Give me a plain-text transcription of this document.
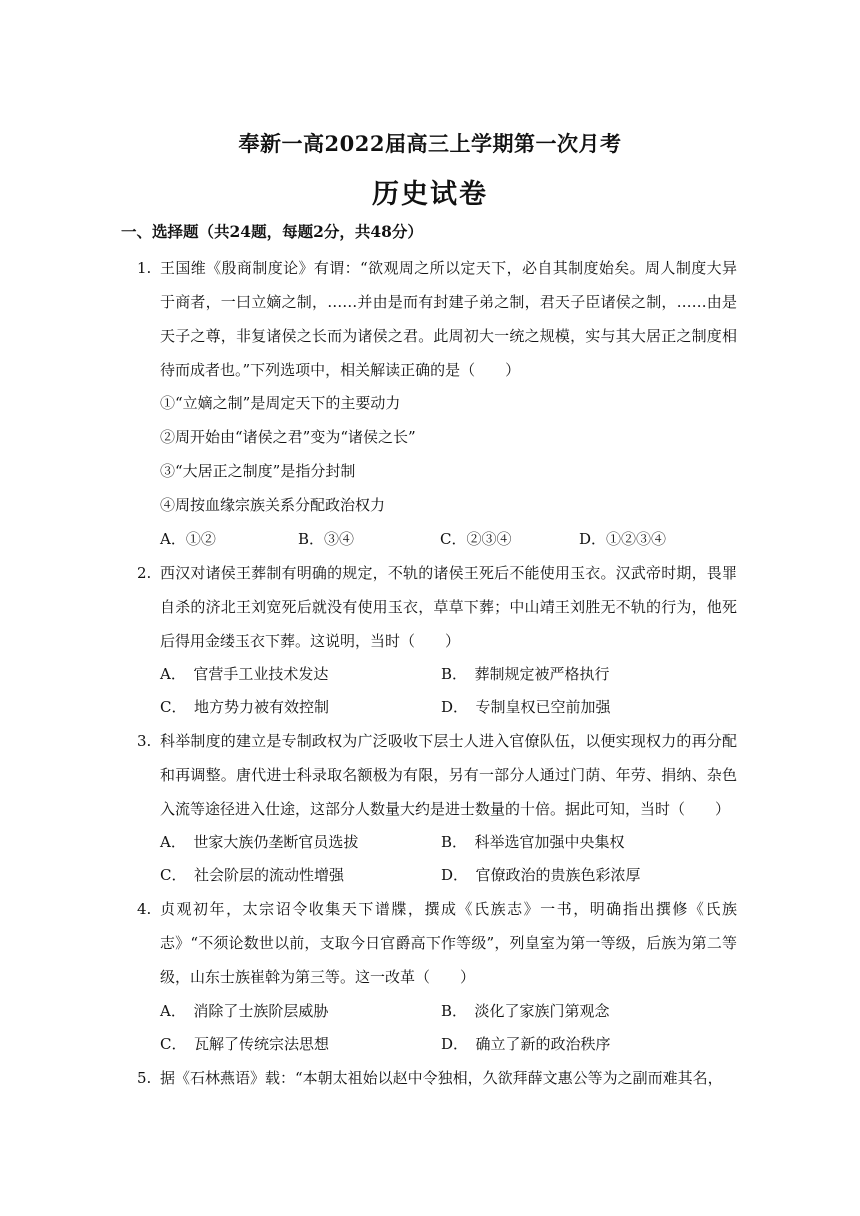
奉新一高2022届高三上学期第一次月考
历史试卷
一、选择题（共24题，每题2分，共48分）
1. 王国维《殷商制度论》有谓：“欲观周之所以定天下，必自其制度始矣。周人制度大异于商者，一曰立嫡之制，……并由是而有封建子弟之制，君天子臣诸侯之制，……由是天子之尊，非复诸侯之长而为诸侯之君。此周初大一统之规模，实与其大居正之制度相待而成者也。”下列选项中，相关解读正确的是（　　）
①“立嫡之制”是周定天下的主要动力
②周开始由“诸侯之君”变为“诸侯之长”
③“大居正之制度”是指分封制
④周按血缘宗族关系分配政治权力
A．①②	B．③④	C．②③④	D．①②③④
2. 西汉对诸侯王葬制有明确的规定，不轨的诸侯王死后不能使用玉衣。汉武帝时期，畏罪自杀的济北王刘宽死后就没有使用玉衣，草草下葬；中山靖王刘胜无不轨的行为，他死后得用金缕玉衣下葬。这说明，当时（　　）
A．　官营手工业技术发达	B．　葬制规定被严格执行
C．　地方势力被有效控制	D．　专制皇权已空前加强
3. 科举制度的建立是专制政权为广泛吸收下层士人进入官僚队伍，以便实现权力的再分配和再调整。唐代进士科录取名额极为有限，另有一部分人通过门荫、年劳、捐纳、杂色入流等途径进入仕途，这部分人数量大约是进士数量的十倍。据此可知，当时（　　）
A．　世家大族仍垄断官员选拔	B．　科举选官加强中央集权
C．　社会阶层的流动性增强	D．　官僚政治的贵族色彩浓厚
4. 贞观初年，太宗诏令收集天下谱牒，撰成《氏族志》一书，明确指出撰修《氏族志》“不须论数世以前，支取今日官爵高下作等级”，列皇室为第一等级，后族为第二等级，山东士族崔斡为第三等。这一改革（　　）
A．　消除了士族阶层威胁	B．　淡化了家族门第观念
C．　瓦解了传统宗法思想	D．　确立了新的政治秩序
5. 据《石林燕语》载：“本朝太祖始以赵中令独相，久欲拜薛文惠公等为之副而难其名，
